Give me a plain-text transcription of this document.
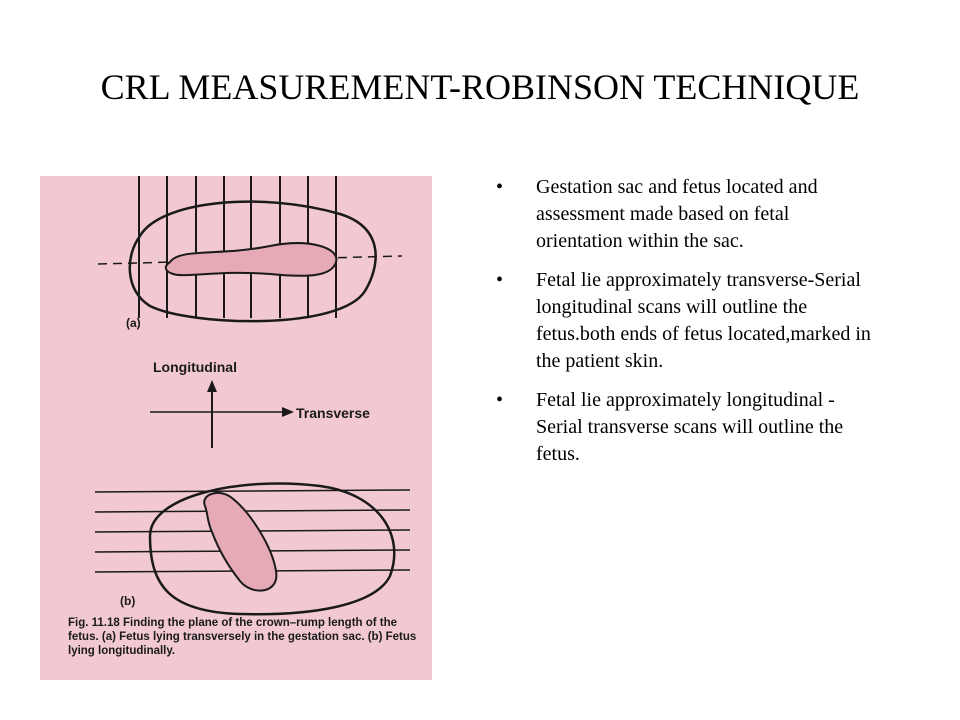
CRL MEASUREMENT-ROBINSON TECHNIQUE
(a)
Longitudinal
Transverse
(b)
Fig. 11.18 Finding the plane of the crown–rump length of the fetus. (a) Fetus lying transversely in the gestation sac. (b) Fetus lying longitudinally.
• Gestation sac and fetus located and assessment made based on fetal orientation within the sac.
• Fetal lie approximately transverse-Serial longitudinal scans will outline the fetus.both ends of fetus located,marked in the patient skin.
• Fetal lie approximately longitudinal -Serial transverse scans will outline the fetus.
